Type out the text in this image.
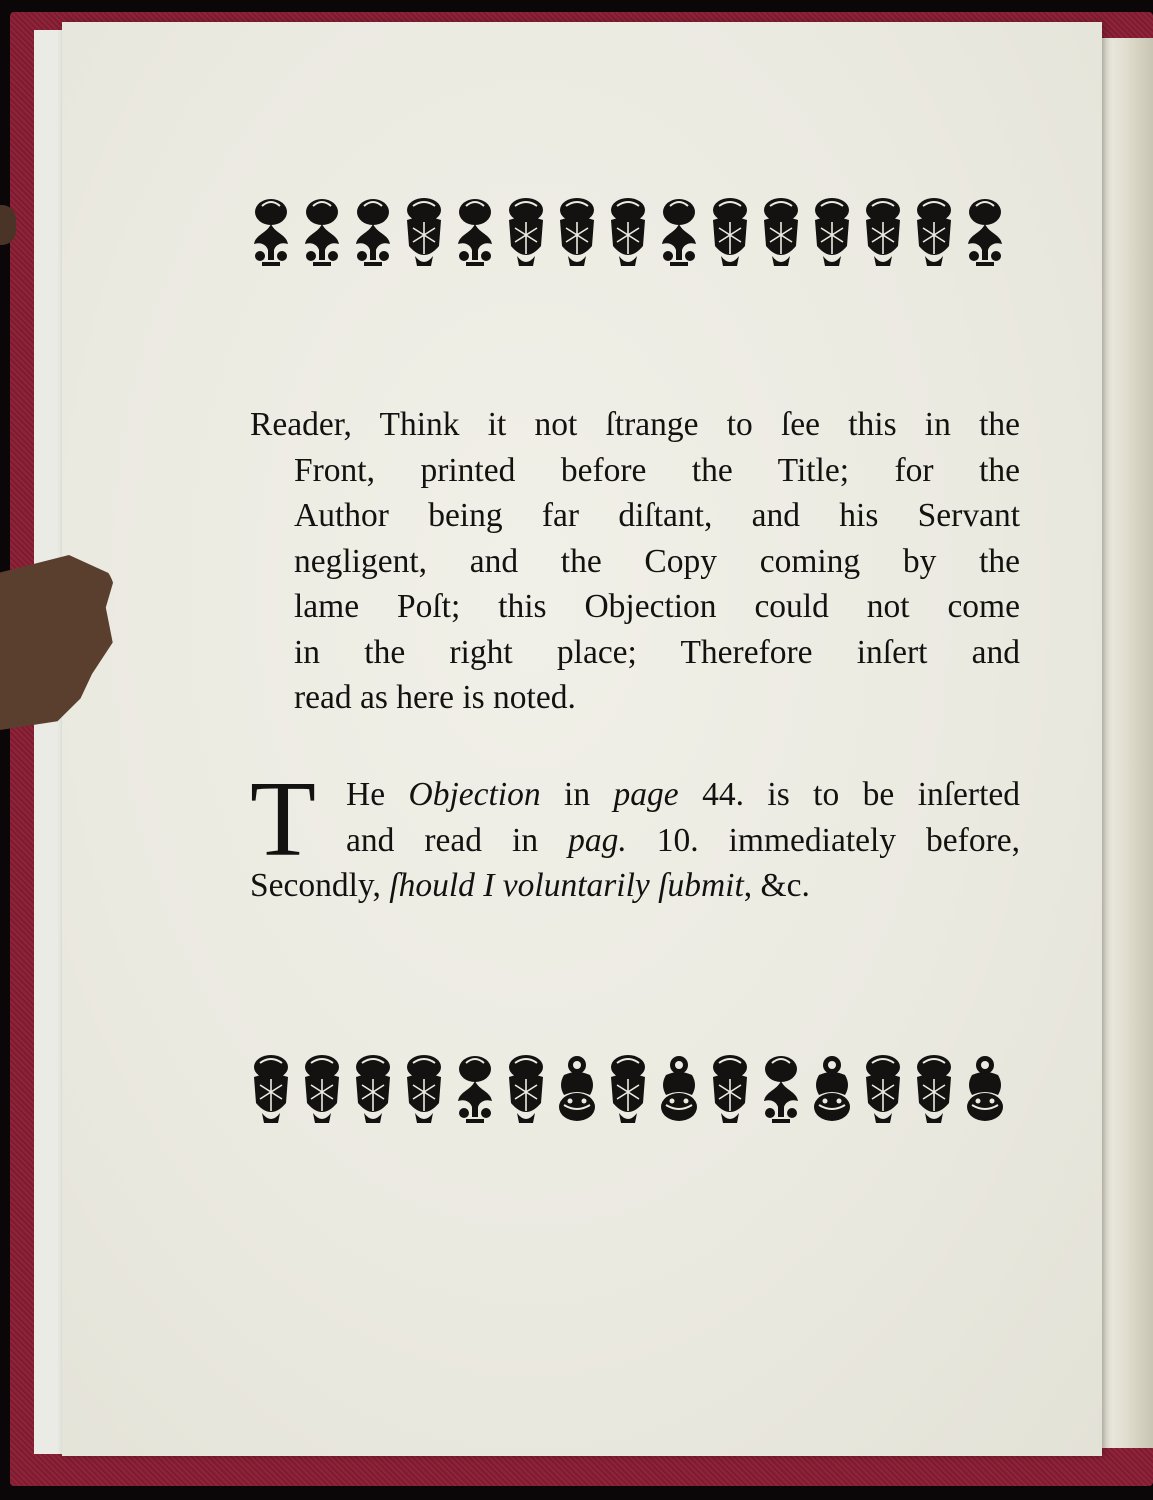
Reader, Think it not ſtrange to ſee this in the
Front, printed before the Title; for the
Author being far diſtant, and his Servant
negligent, and the Copy coming by the
lame Poſt; this Objection could not come
in the right place; Therefore inſert and
read as here is noted.
T He Objection in page 44. is to be inſerted
and read in pag. 10. immediately before,
Secondly, ſhould I voluntarily ſubmit, &c.
